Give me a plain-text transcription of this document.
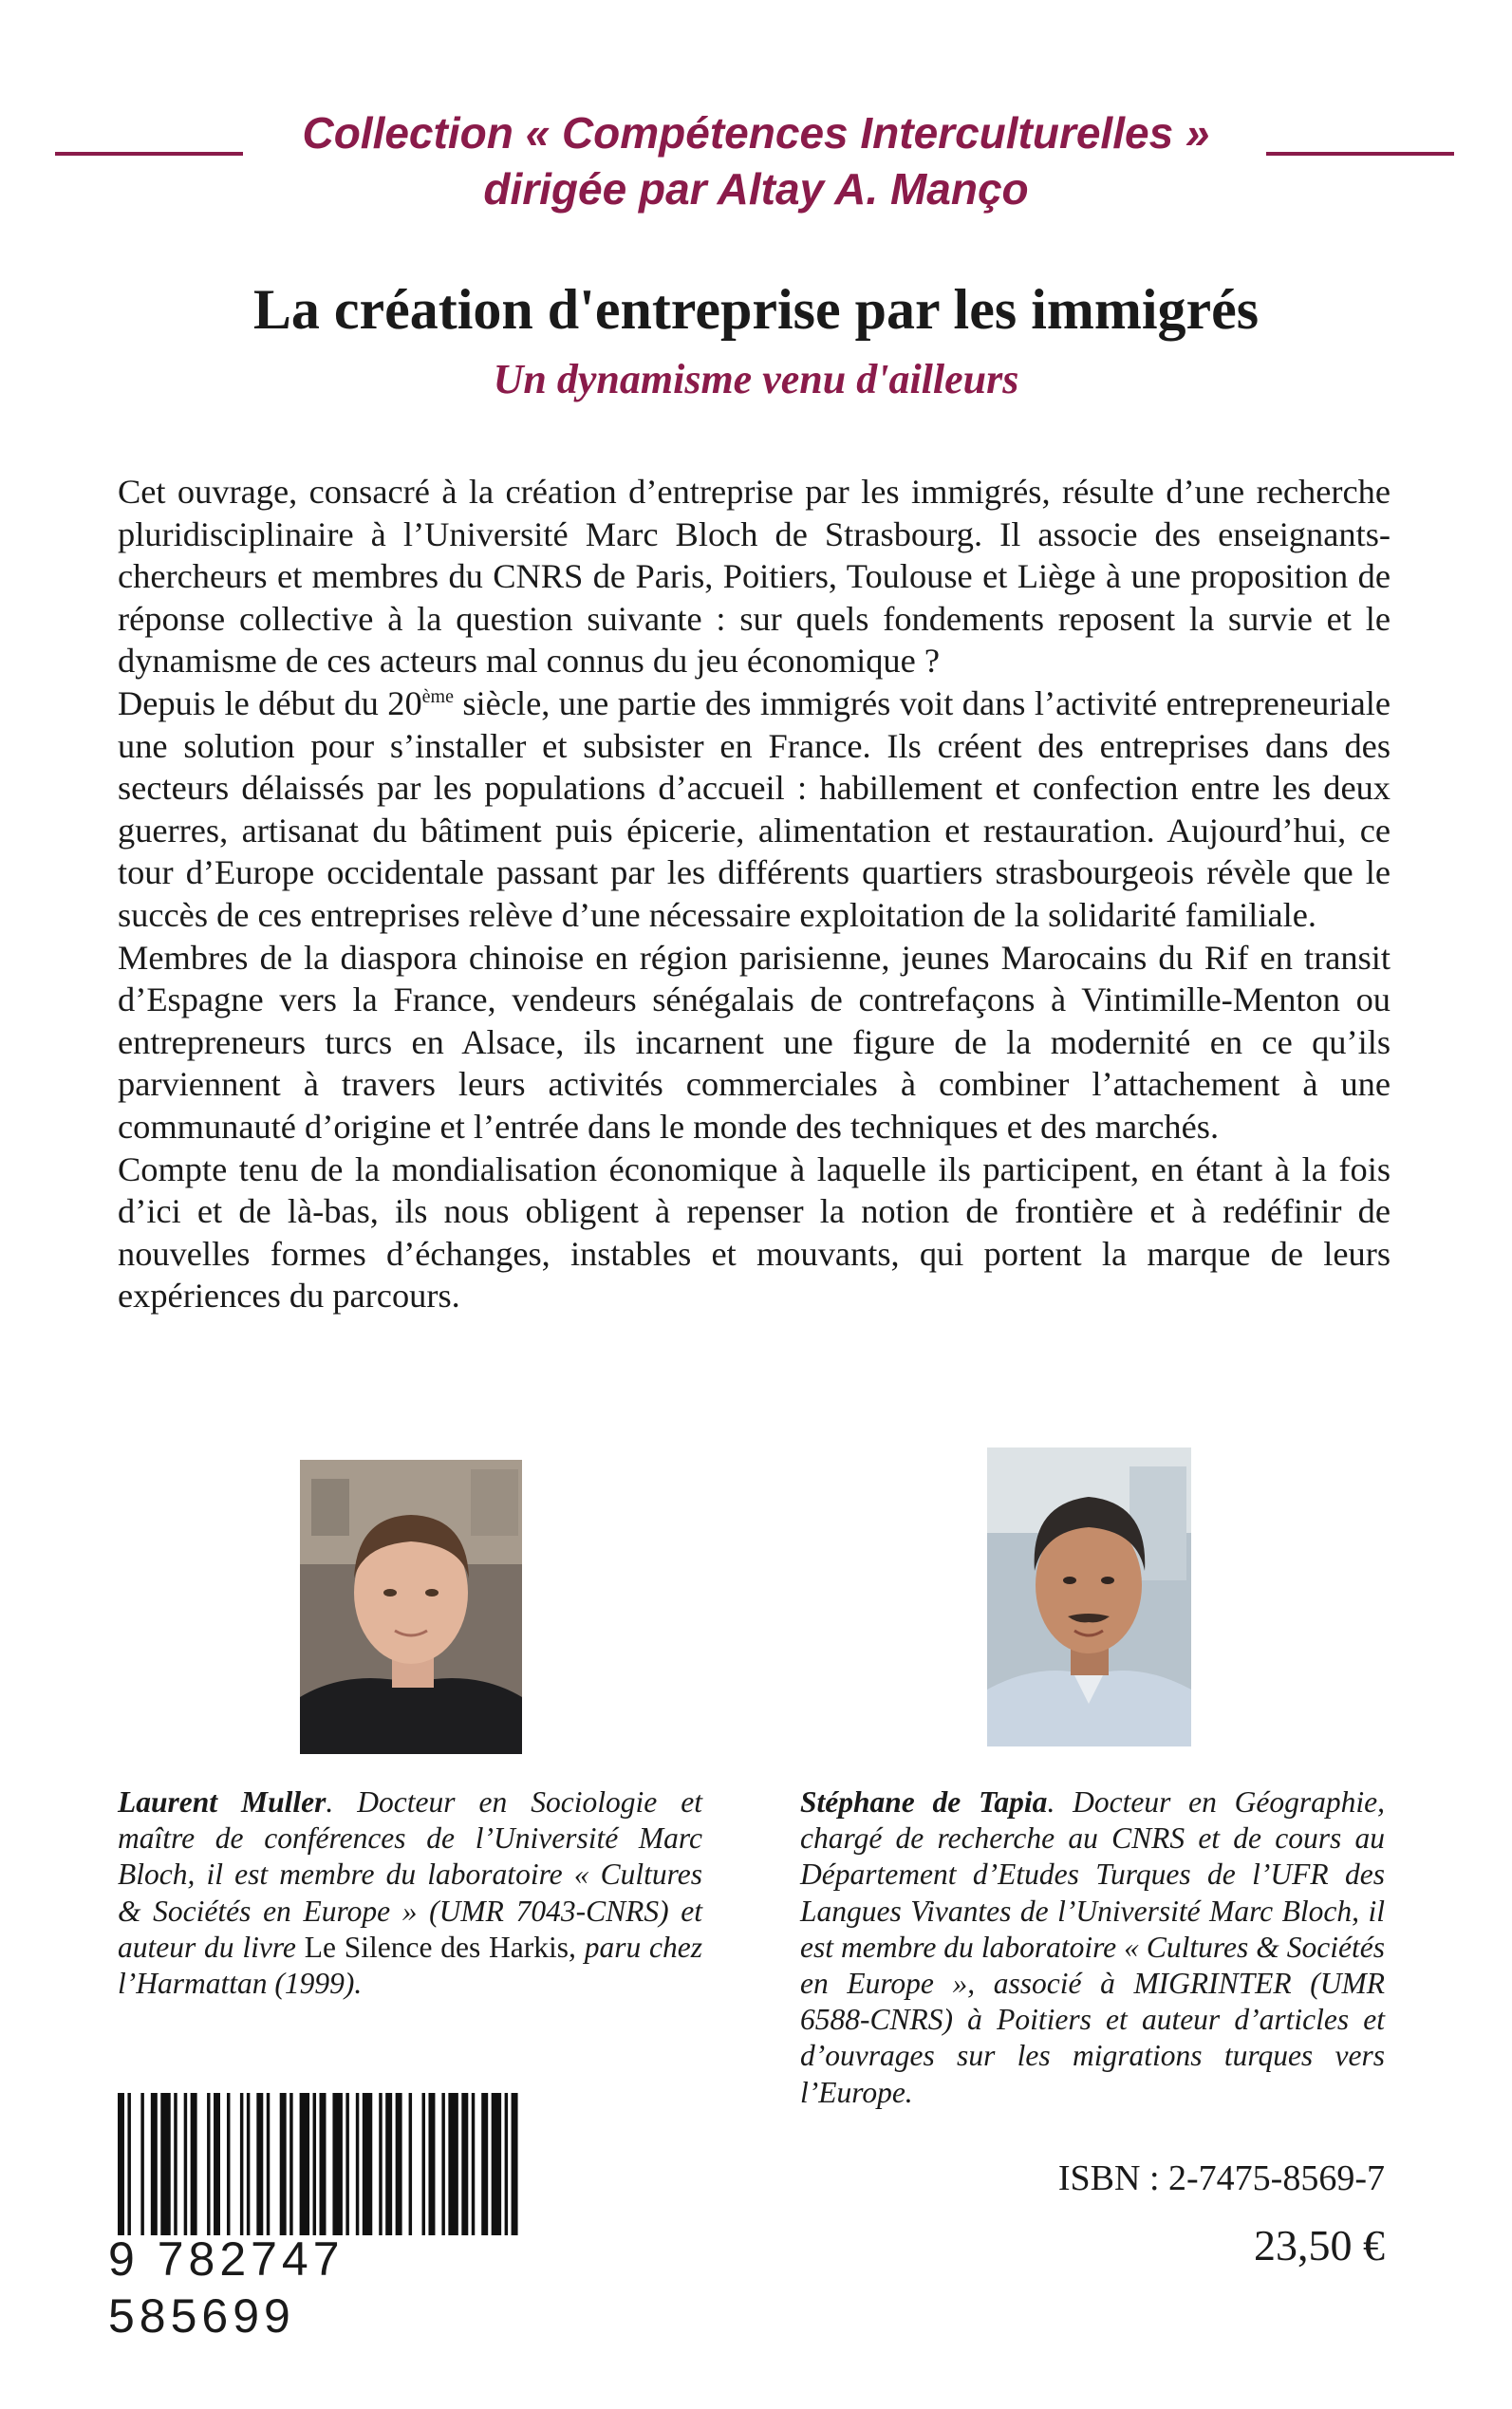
Collection « Compétences Interculturelles »
dirigée par Altay A. Manço
La création d'entreprise par les immigrés
Un dynamisme venu d'ailleurs

Cet ouvrage, consacré à la création d’entreprise par les immigrés, résulte d’une recherche pluridisciplinaire à l’Université Marc Bloch de Strasbourg. Il associe des enseignants-chercheurs et membres du CNRS de Paris, Poitiers, Toulouse et Liège à une proposition de réponse collective à la question suivante : sur quels fondements reposent la survie et le dynamisme de ces acteurs mal connus du jeu économique ?

Depuis le début du 20ème siècle, une partie des immigrés voit dans l’activité entrepreneuriale une solution pour s’installer et subsister en France. Ils créent des entreprises dans des secteurs délaissés par les populations d’accueil : habillement et confection entre les deux guerres, artisanat du bâtiment puis épicerie, alimentation et restauration. Aujourd’hui, ce tour d’Europe occidentale passant par les différents quartiers strasbourgeois révèle que le succès de ces entreprises relève d’une nécessaire exploitation de la solidarité familiale.

Membres de la diaspora chinoise en région parisienne, jeunes Marocains du Rif en transit d’Espagne vers la France, vendeurs sénégalais de contrefaçons à Vintimille-Menton ou entrepreneurs turcs en Alsace, ils incarnent une figure de la modernité en ce qu’ils parviennent à travers leurs activités commerciales à combiner l’attachement à une communauté d’origine et l’entrée dans le monde des techniques et des marchés.

Compte tenu de la mondialisation économique à laquelle ils participent, en étant à la fois d’ici et de là-bas, ils nous obligent à repenser la notion de frontière et à redéfinir de nouvelles formes d’échanges, instables et mouvants, qui portent la marque de leurs expériences du parcours.

Laurent Muller. Docteur en Sociologie et maître de conférences de l’Université Marc Bloch, il est membre du laboratoire « Cultures & Sociétés en Europe » (UMR 7043-CNRS) et auteur du livre Le Silence des Harkis, paru chez l’Harmattan (1999).
Stéphane de Tapia. Docteur en Géographie, chargé de recherche au CNRS et de cours au Département d’Etudes Turques de l’UFR des Langues Vivantes de l’Université Marc Bloch, il est membre du laboratoire « Cultures & Sociétés en Europe », associé à MIGRINTER (UMR 6588-CNRS) à Poitiers et auteur d’articles et d’ouvrages sur les migrations turques vers l’Europe.
9 782747 585699
ISBN : 2-7475-8569-7
23,50 €
